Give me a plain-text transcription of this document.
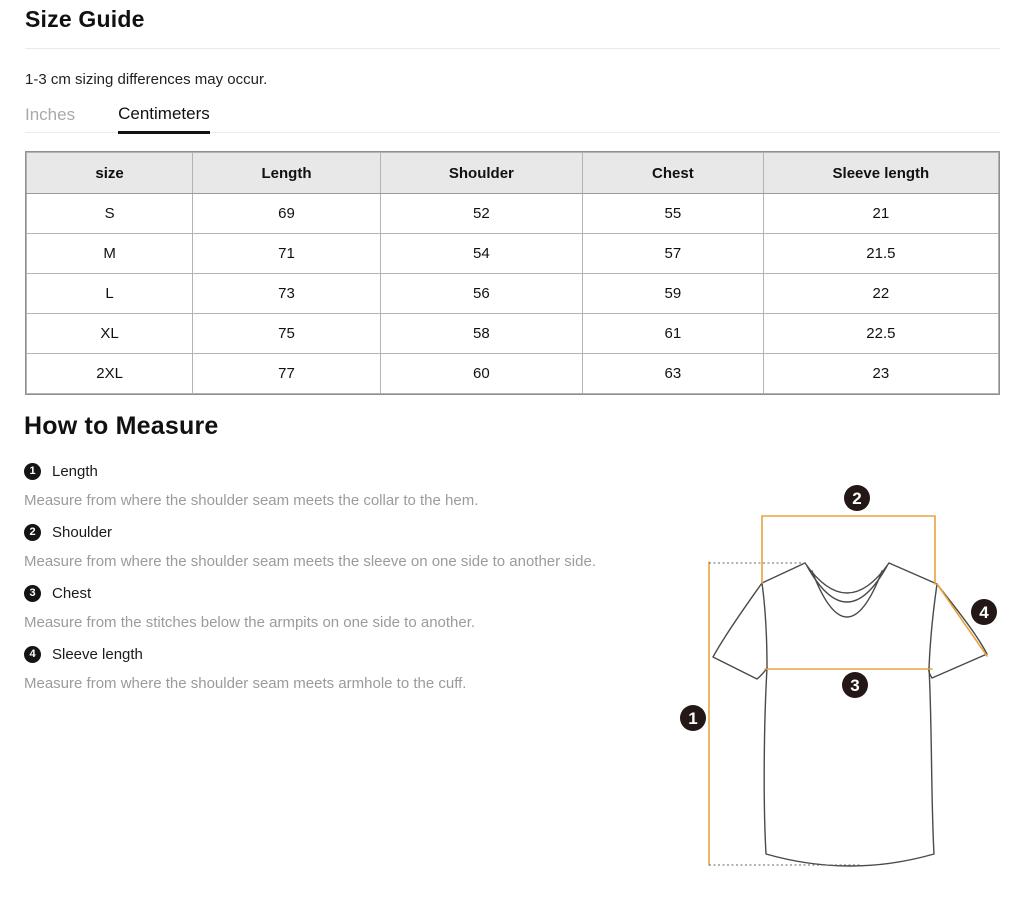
Size Guide
1-3 cm sizing differences may occur.
Inches	Centimeters
size	Length	Shoulder	Chest	Sleeve length
S	69	52	55	21
M	71	54	57	21.5
L	73	56	59	22
XL	75	58	61	22.5
2XL	77	60	63	23
How to Measure
1	Length
Measure from where the shoulder seam meets the collar to the hem.
2	Shoulder
Measure from where the shoulder seam meets the sleeve on one side to another side.
3	Chest
Measure from the stitches below the armpits on one side to another.
4	Sleeve length
Measure from where the shoulder seam meets armhole to the cuff.
1
2
3
4
